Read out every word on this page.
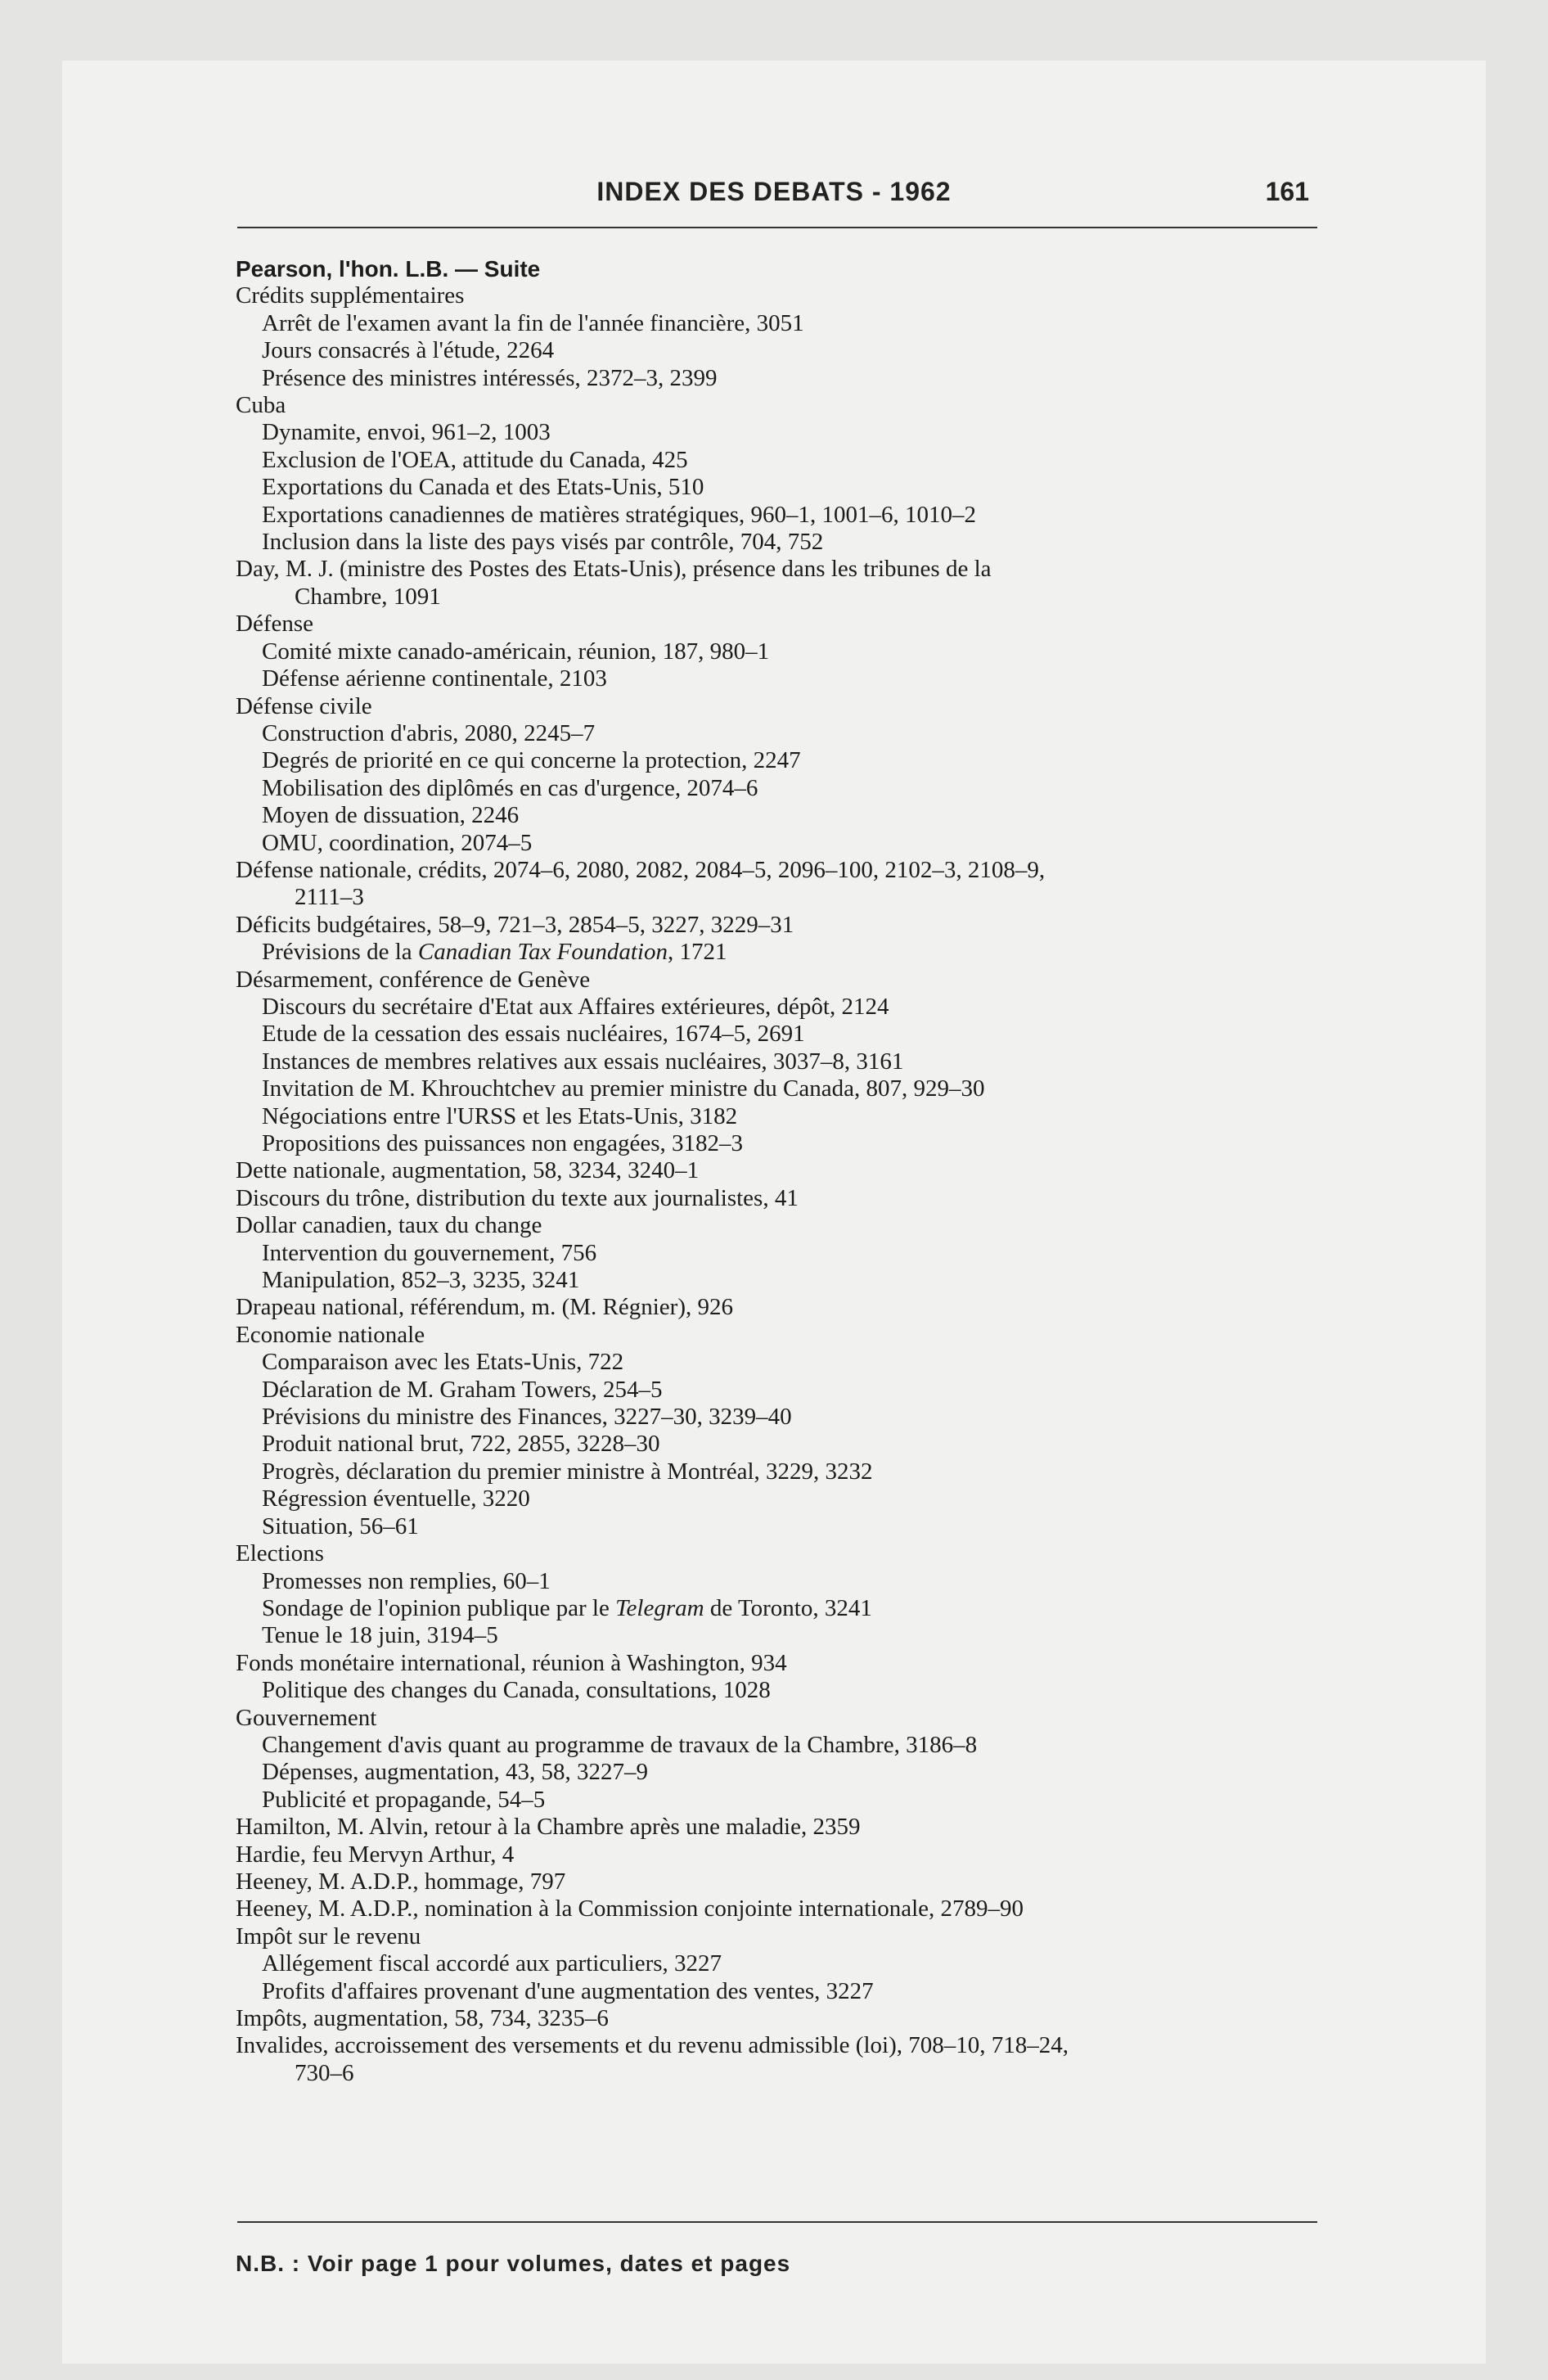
INDEX DES DEBATS - 1962	161

Pearson, l'hon. L.B. — Suite

Crédits supplémentaires

Arrêt de l'examen avant la fin de l'année financière, 3051

Jours consacrés à l'étude, 2264

Présence des ministres intéressés, 2372–3, 2399

Cuba

Dynamite, envoi, 961–2, 1003

Exclusion de l'OEA, attitude du Canada, 425

Exportations du Canada et des Etats-Unis, 510

Exportations canadiennes de matières stratégiques, 960–1, 1001–6, 1010–2

Inclusion dans la liste des pays visés par contrôle, 704, 752

Day, M. J. (ministre des Postes des Etats-Unis), présence dans les tribunes de la

Chambre, 1091

Défense

Comité mixte canado-américain, réunion, 187, 980–1

Défense aérienne continentale, 2103

Défense civile

Construction d'abris, 2080, 2245–7

Degrés de priorité en ce qui concerne la protection, 2247

Mobilisation des diplômés en cas d'urgence, 2074–6

Moyen de dissuation, 2246

OMU, coordination, 2074–5

Défense nationale, crédits, 2074–6, 2080, 2082, 2084–5, 2096–100, 2102–3, 2108–9,

2111–3

Déficits budgétaires, 58–9, 721–3, 2854–5, 3227, 3229–31

Prévisions de la Canadian Tax Foundation, 1721

Désarmement, conférence de Genève

Discours du secrétaire d'Etat aux Affaires extérieures, dépôt, 2124

Etude de la cessation des essais nucléaires, 1674–5, 2691

Instances de membres relatives aux essais nucléaires, 3037–8, 3161

Invitation de M. Khrouchtchev au premier ministre du Canada, 807, 929–30

Négociations entre l'URSS et les Etats-Unis, 3182

Propositions des puissances non engagées, 3182–3

Dette nationale, augmentation, 58, 3234, 3240–1

Discours du trône, distribution du texte aux journalistes, 41

Dollar canadien, taux du change

Intervention du gouvernement, 756

Manipulation, 852–3, 3235, 3241

Drapeau national, référendum, m. (M. Régnier), 926

Economie nationale

Comparaison avec les Etats-Unis, 722

Déclaration de M. Graham Towers, 254–5

Prévisions du ministre des Finances, 3227–30, 3239–40

Produit national brut, 722, 2855, 3228–30

Progrès, déclaration du premier ministre à Montréal, 3229, 3232

Régression éventuelle, 3220

Situation, 56–61

Elections

Promesses non remplies, 60–1

Sondage de l'opinion publique par le Telegram de Toronto, 3241

Tenue le 18 juin, 3194–5

Fonds monétaire international, réunion à Washington, 934

Politique des changes du Canada, consultations, 1028

Gouvernement

Changement d'avis quant au programme de travaux de la Chambre, 3186–8

Dépenses, augmentation, 43, 58, 3227–9

Publicité et propagande, 54–5

Hamilton, M. Alvin, retour à la Chambre après une maladie, 2359

Hardie, feu Mervyn Arthur, 4

Heeney, M. A.D.P., hommage, 797

Heeney, M. A.D.P., nomination à la Commission conjointe internationale, 2789–90

Impôt sur le revenu

Allégement fiscal accordé aux particuliers, 3227

Profits d'affaires provenant d'une augmentation des ventes, 3227

Impôts, augmentation, 58, 734, 3235–6

Invalides, accroissement des versements et du revenu admissible (loi), 708–10, 718–24,

730–6

N.B. : Voir page 1 pour volumes, dates et pages
